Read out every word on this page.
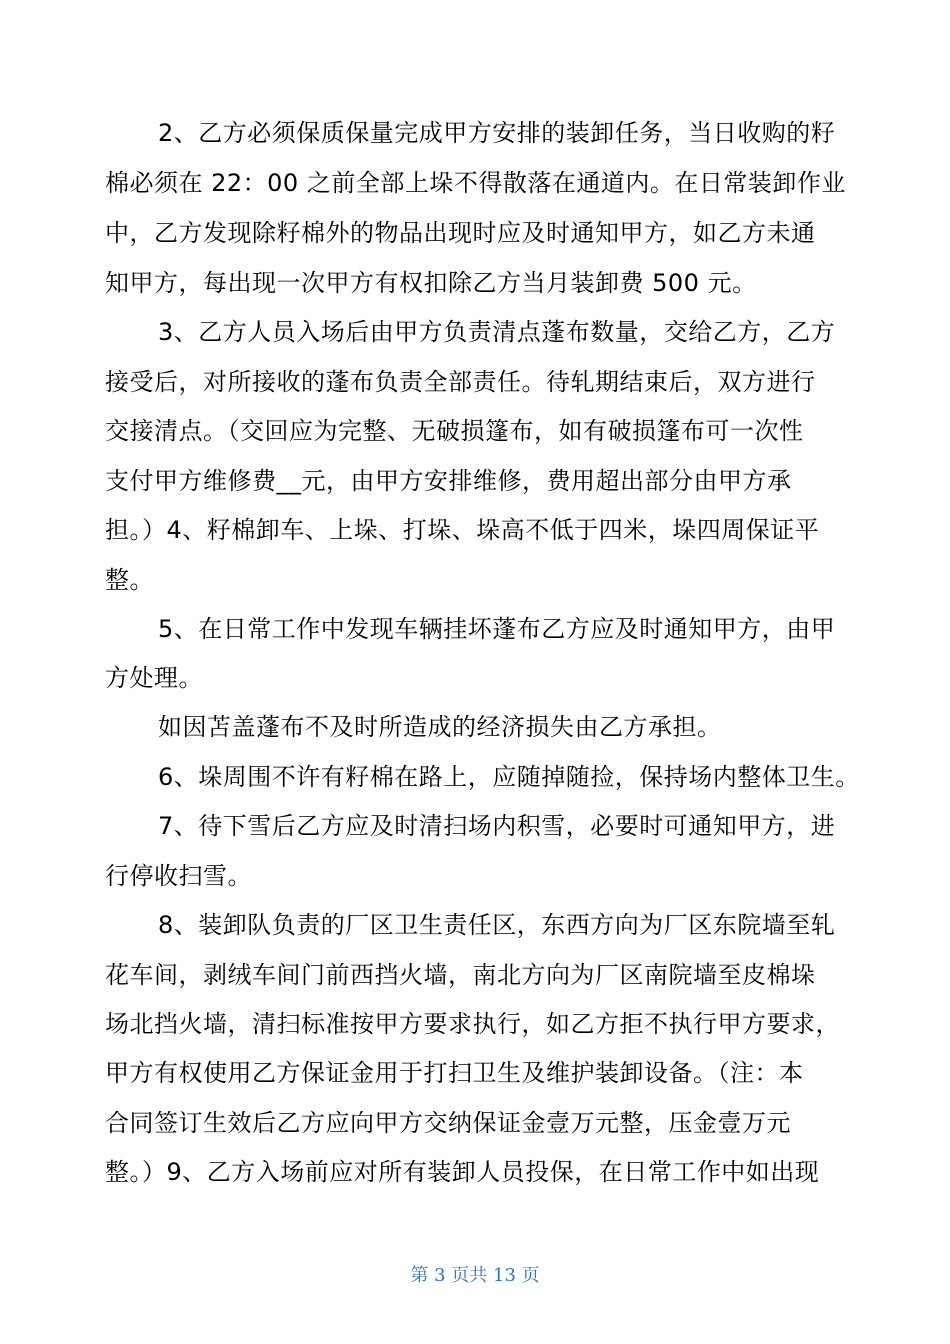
2、乙方必须保质保量完成甲方安排的装卸任务，当日收购的籽
棉必须在 22：00 之前全部上垛不得散落在通道内。在日常装卸作业
中，乙方发现除籽棉外的物品出现时应及时通知甲方，如乙方未通
知甲方，每出现一次甲方有权扣除乙方当月装卸费 500 元。
3、乙方人员入场后由甲方负责清点蓬布数量，交给乙方，乙方
接受后，对所接收的蓬布负责全部责任。待轧期结束后，双方进行
交接清点。（交回应为完整、无破损篷布，如有破损篷布可一次性
支付甲方维修费__元，由甲方安排维修，费用超出部分由甲方承
担。）4、籽棉卸车、上垛、打垛、垛高不低于四米，垛四周保证平
整。
5、在日常工作中发现车辆挂坏蓬布乙方应及时通知甲方，由甲
方处理。
如因苫盖蓬布不及时所造成的经济损失由乙方承担。
6、垛周围不许有籽棉在路上，应随掉随捡，保持场内整体卫生。
7、待下雪后乙方应及时清扫场内积雪，必要时可通知甲方，进
行停收扫雪。
8、装卸队负责的厂区卫生责任区，东西方向为厂区东院墙至轧
花车间，剥绒车间门前西挡火墙，南北方向为厂区南院墙至皮棉垛
场北挡火墙，清扫标准按甲方要求执行，如乙方拒不执行甲方要求，
甲方有权使用乙方保证金用于打扫卫生及维护装卸设备。（注：本
合同签订生效后乙方应向甲方交纳保证金壹万元整，压金壹万元
整。）9、乙方入场前应对所有装卸人员投保，在日常工作中如出现
第 3 页共 13 页
